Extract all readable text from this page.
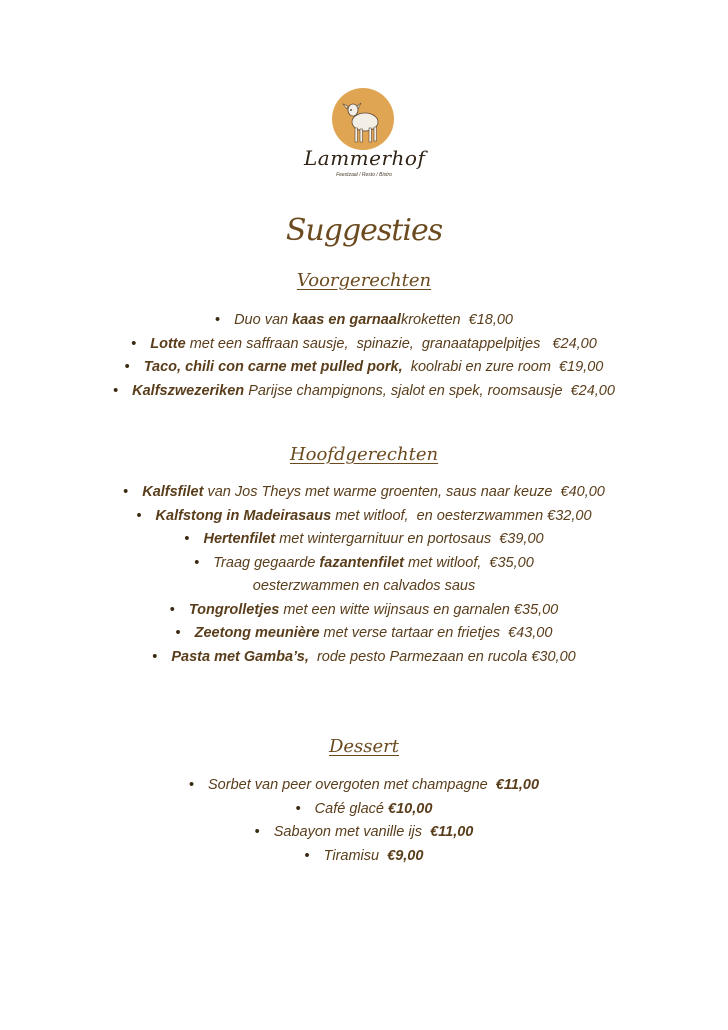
Lammerhof
Feestzaal / Resto / Bistro
Suggesties
Voorgerechten
• Duo van kaas en garnaalkroketten  €18,00
• Lotte met een saffraan sausje,  spinazie,  granaatappelpitjes   €24,00
• Taco, chili con carne met pulled pork,  koolrabi en zure room  €19,00
• Kalfszwezeriken Parijse champignons, sjalot en spek, roomsausje  €24,00
Hoofdgerechten
• Kalfsfilet van Jos Theys met warme groenten, saus naar keuze  €40,00
• Kalfstong in Madeirasaus met witloof,  en oesterzwammen €32,00
• Hertenfilet met wintergarnituur en portosaus  €39,00
• Traag gegaarde fazantenfilet met witloof,  €35,00
oesterzwammen en calvados saus
• Tongrolletjes met een witte wijnsaus en garnalen €35,00
• Zeetong meunière met verse tartaar en frietjes  €43,00
• Pasta met Gamba’s,  rode pesto Parmezaan en rucola €30,00
Dessert
• Sorbet van peer overgoten met champagne  €11,00
• Café glacé €10,00
• Sabayon met vanille ijs  €11,00
• Tiramisu  €9,00
